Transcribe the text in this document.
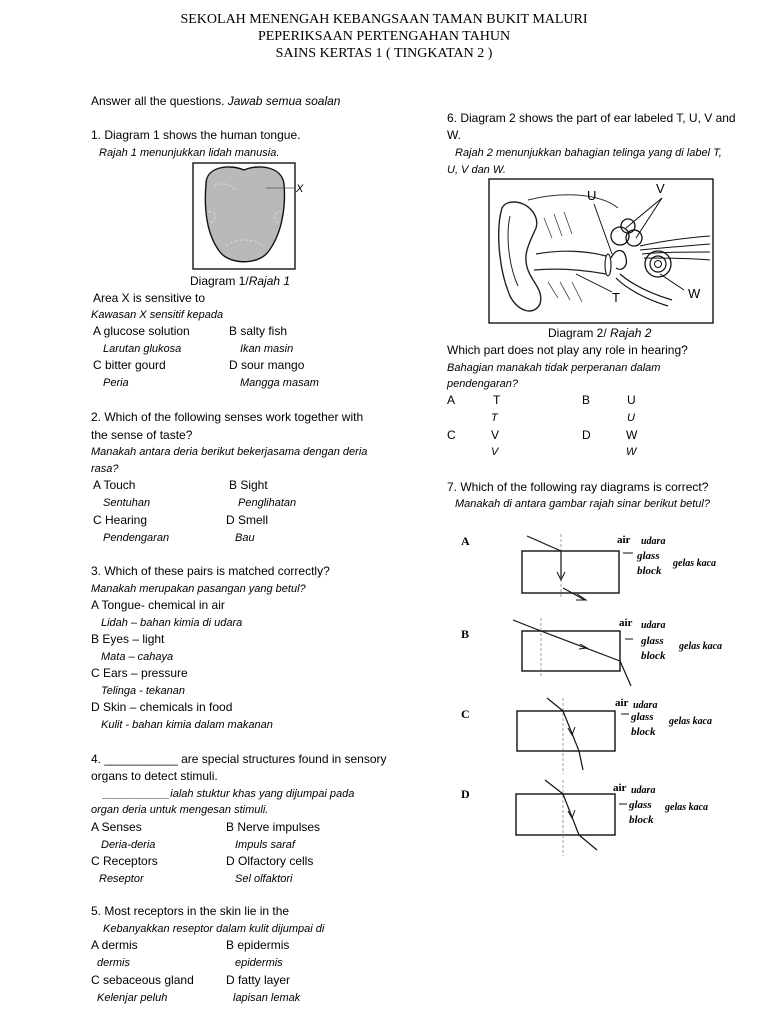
SEKOLAH MENENGAH KEBANGSAAN TAMAN BUKIT MALURI
PEPERIKSAAN PERTENGAHAN TAHUN
SAINS KERTAS 1 ( TINGKATAN 2 )
Answer all the questions. Jawab semua soalan
1. Diagram 1 shows the human tongue.
Rajah 1 menunjukkan lidah manusia.
X
Diagram 1/Rajah 1
Area X is sensitive to
Kawasan X sensitif kepada
A glucose solution	B salty fish
Larutan glukosa	Ikan masin
C bitter gourd	D sour mango
Peria	Mangga masam
2. Which of the following senses work together with
the sense of taste?
Manakah antara deria berikut bekerjasama dengan deria
rasa?
A Touch	B Sight
Sentuhan	Penglihatan
C Hearing	D Smell
Pendengaran	Bau
3. Which of these pairs is matched correctly?
Manakah merupakan pasangan yang betul?
A Tongue- chemical in air
Lidah – bahan kimia di udara
B Eyes – light
Mata – cahaya
C Ears – pressure
Telinga - tekanan
D Skin – chemicals in food
Kulit - bahan kimia dalam makanan
4. ___________ are special structures found in sensory
organs to detect stimuli.
___________ialah stuktur khas yang dijumpai pada
organ deria untuk mengesan stimuli.
A Senses	B Nerve impulses
Deria-deria	Impuls saraf
C Receptors	D Olfactory cells
Reseptor	Sel olfaktori
5. Most receptors in the skin lie in the
Kebanyakkan reseptor dalam kulit dijumpai di
A dermis	B epidermis
dermis	epidermis
C sebaceous gland	D fatty layer
Kelenjar peluh	lapisan lemak
6. Diagram 2 shows the part of ear labeled T, U, V and
W.
Rajah 2 menunjukkan bahagian telinga yang di label T,
U, V dan W.
U	V
T	W
Diagram 2/ Rajah 2
Which part does not play any role in hearing?
Bahagian manakah tidak perperanan dalam
pendengaran?
A	T	B	U
T	U
C	V	D	W
V	W
7. Which of the following ray diagrams is correct?
Manakah di antara gambar rajah sinar berikut betul?
A	air udara
glass
block
gelas kaca
B
air udara
glass
block
gelas kaca
C
air udara
glass
block
gelas kaca
D	air udara
glass
block
gelas kaca
